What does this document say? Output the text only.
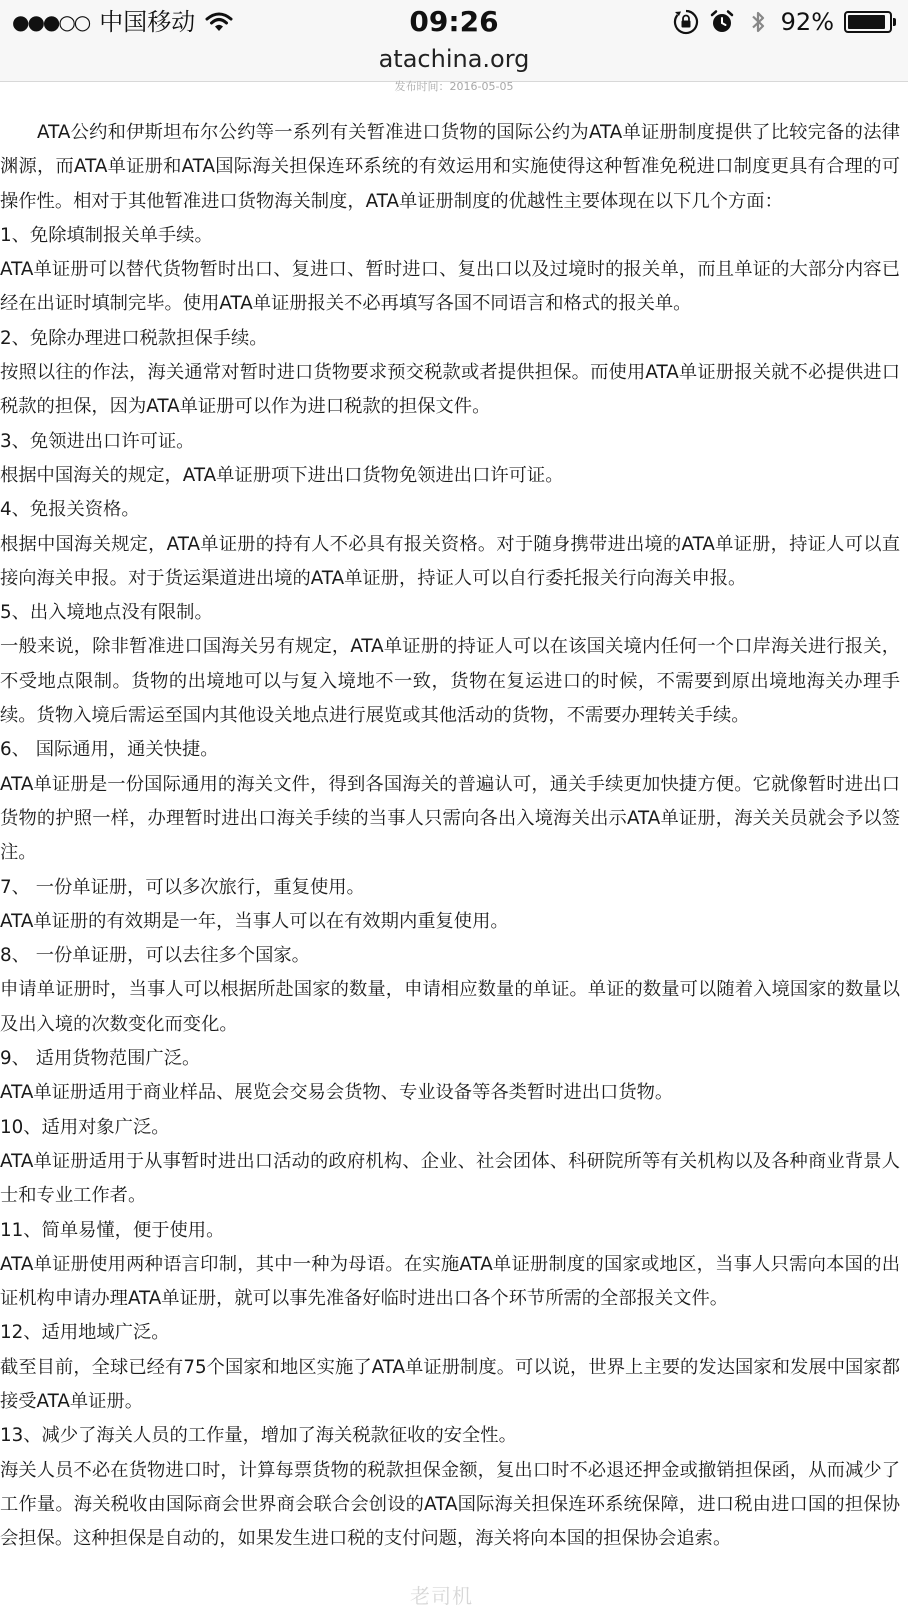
●●●○○ 中国移动	09:26	92%
atachina.org
发布时间：2016-05-05

ATA公约和伊斯坦布尔公约等一系列有关暂准进口货物的国际公约为ATA单证册制度提供了比较完备的法律渊源，而ATA单证册和ATA国际海关担保连环系统的有效运用和实施使得这种暂准免税进口制度更具有合理的可操作性。相对于其他暂准进口货物海关制度，ATA单证册制度的优越性主要体现在以下几个方面：

1、免除填制报关单手续。

ATA单证册可以替代货物暂时出口、复进口、暂时进口、复出口以及过境时的报关单，而且单证的大部分内容已经在出证时填制完毕。使用ATA单证册报关不必再填写各国不同语言和格式的报关单。

2、免除办理进口税款担保手续。

按照以往的作法，海关通常对暂时进口货物要求预交税款或者提供担保。而使用ATA单证册报关就不必提供进口税款的担保，因为ATA单证册可以作为进口税款的担保文件。

3、免领进出口许可证。

根据中国海关的规定，ATA单证册项下进出口货物免领进出口许可证。

4、免报关资格。

根据中国海关规定，ATA单证册的持有人不必具有报关资格。对于随身携带进出境的ATA单证册，持证人可以直接向海关申报。对于货运渠道进出境的ATA单证册，持证人可以自行委托报关行向海关申报。

5、出入境地点没有限制。

一般来说，除非暂准进口国海关另有规定，ATA单证册的持证人可以在该国关境内任何一个口岸海关进行报关，不受地点限制。货物的出境地可以与复入境地不一致，货物在复运进口的时候，不需要到原出境地海关办理手续。货物入境后需运至国内其他设关地点进行展览或其他活动的货物，不需要办理转关手续。

6、 国际通用，通关快捷。

ATA单证册是一份国际通用的海关文件，得到各国海关的普遍认可，通关手续更加快捷方便。它就像暂时进出口货物的护照一样，办理暂时进出口海关手续的当事人只需向各出入境海关出示ATA单证册，海关关员就会予以签注。

7、 一份单证册，可以多次旅行，重复使用。

ATA单证册的有效期是一年，当事人可以在有效期内重复使用。

8、 一份单证册，可以去往多个国家。

申请单证册时，当事人可以根据所赴国家的数量，申请相应数量的单证。单证的数量可以随着入境国家的数量以及出入境的次数变化而变化。

9、 适用货物范围广泛。

ATA单证册适用于商业样品、展览会交易会货物、专业设备等各类暂时进出口货物。

10、适用对象广泛。

ATA单证册适用于从事暂时进出口活动的政府机构、企业、社会团体、科研院所等有关机构以及各种商业背景人士和专业工作者。

11、简单易懂，便于使用。

ATA单证册使用两种语言印制，其中一种为母语。在实施ATA单证册制度的国家或地区，当事人只需向本国的出证机构申请办理ATA单证册，就可以事先准备好临时进出口各个环节所需的全部报关文件。

12、适用地域广泛。

截至目前，全球已经有75个国家和地区实施了ATA单证册制度。可以说，世界上主要的发达国家和发展中国家都接受ATA单证册。

13、减少了海关人员的工作量，增加了海关税款征收的安全性。

海关人员不必在货物进口时，计算每票货物的税款担保金额，复出口时不必退还押金或撤销担保函，从而减少了工作量。海关税收由国际商会世界商会联合会创设的ATA国际海关担保连环系统保障，进口税由进口国的担保协会担保。这种担保是自动的，如果发生进口税的支付问题，海关将向本国的担保协会追索。

老司机
